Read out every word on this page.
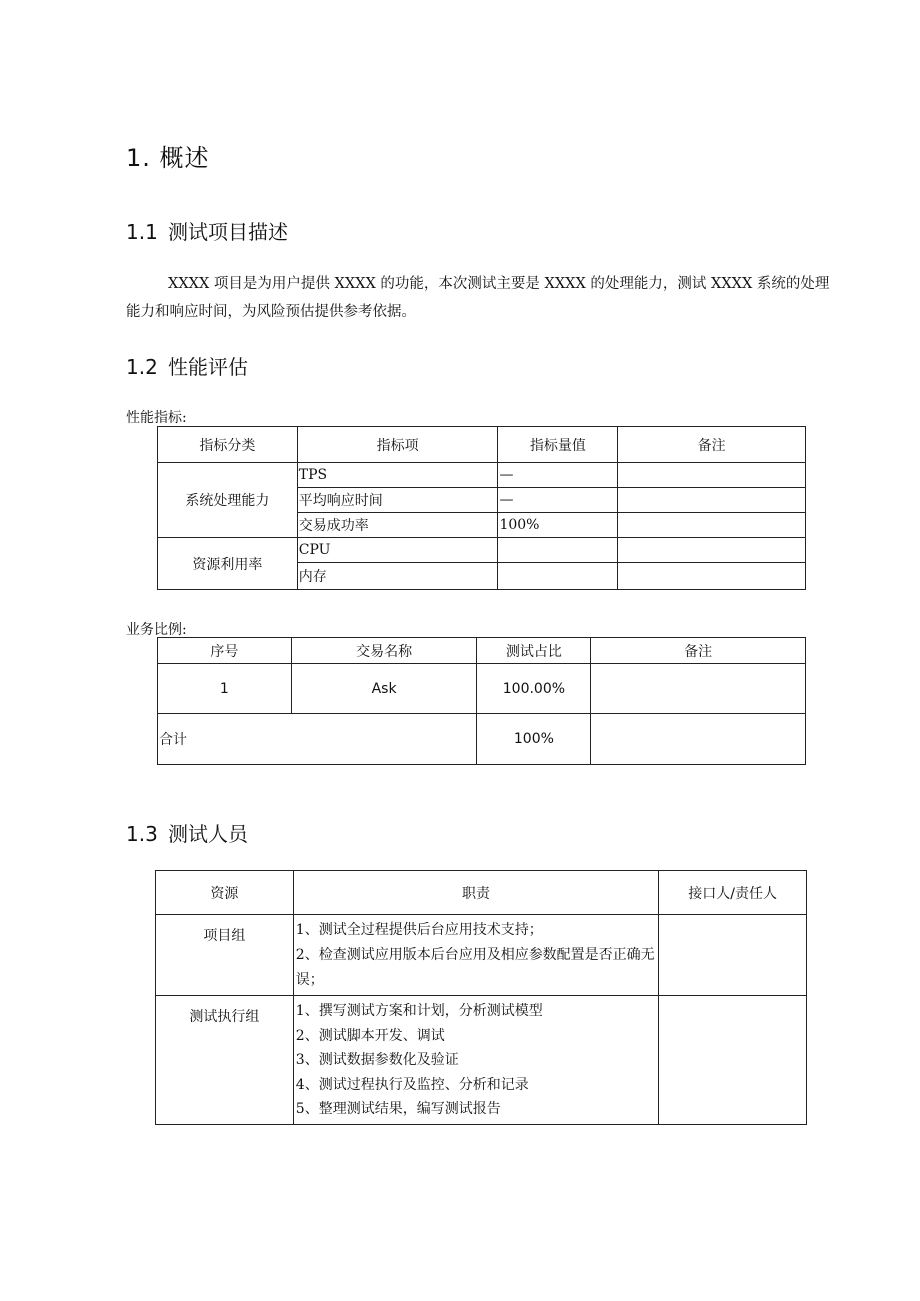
1. 概述
1.1 测试项目描述

XXXX 项目是为用户提供 XXXX 的功能，本次测试主要是 XXXX 的处理能力，测试 XXXX 系统的处理能力和响应时间，为风险预估提供参考依据。

1.2 性能评估
性能指标:
指标分类	指标项	指标量值	备注
系统处理能力	TPS	—	
	平均响应时间	—	
	交易成功率	100%	
资源利用率	CPU		
	内存		
业务比例:
序号	交易名称	测试占比	备注
1	Ask	100.00%	
合计		100%	
1.3 测试人员
资源	职责	接口人/责任人
项目组	1、测试全过程提供后台应用技术支持；
2、检查测试应用版本后台应用及相应参数配置是否正确无误；	

测试执行组	1、撰写测试方案和计划，分析测试模型
2、测试脚本开发、调试
3、测试数据参数化及验证
4、测试过程执行及监控、分析和记录
5、整理测试结果，编写测试报告	
